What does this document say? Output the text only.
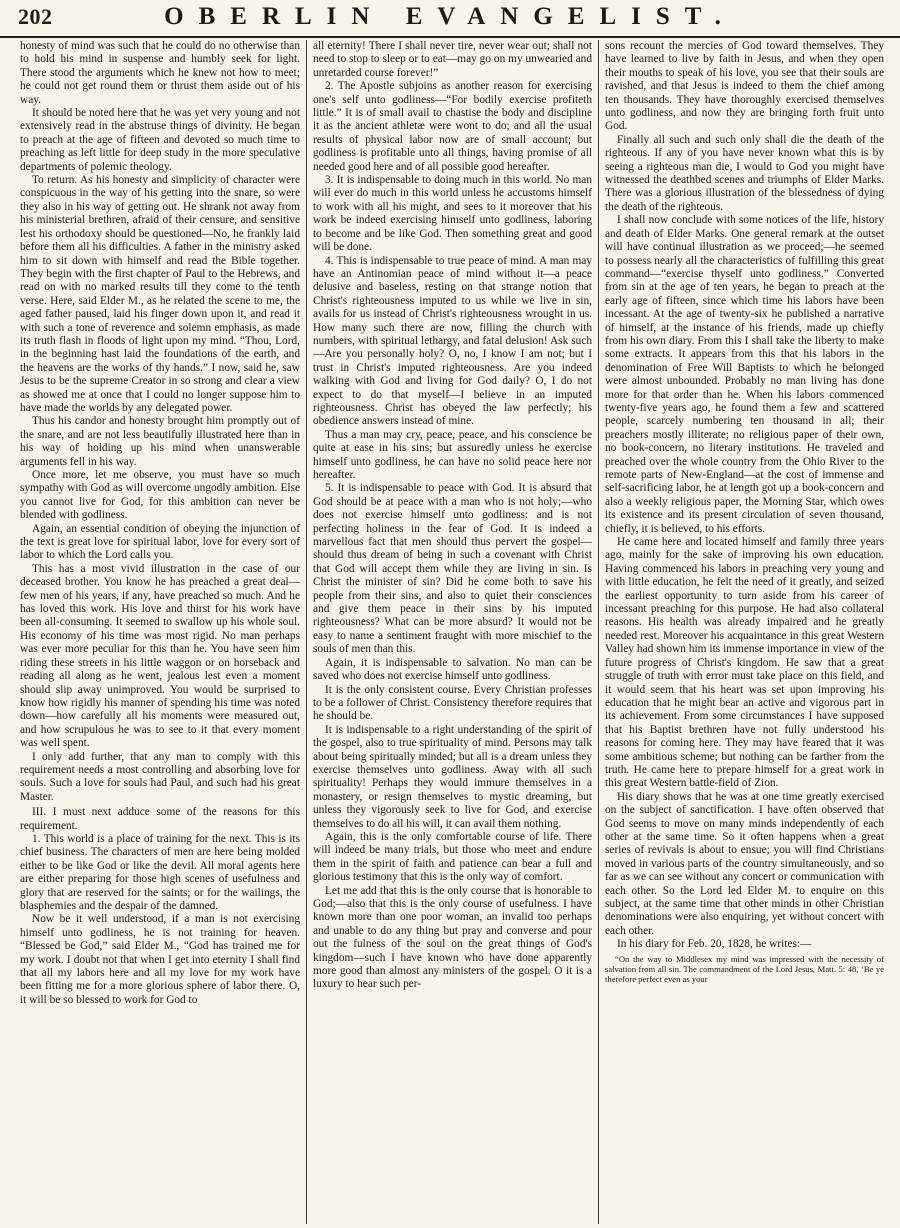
202	OBERLIN EVANGELIST.

honesty of mind was such that he could do no otherwise than to hold his mind in suspense and humbly seek for light. There stood the arguments which he knew not how to meet; he could not get round them or thrust them aside out of his way.

It should be noted here that he was yet very young and not extensively read in the abstruse things of divinity. He began to preach at the age of fifteen and devoted so much time to preaching as left little for deep study in the more speculative departments of polemic theology.

To return. As his honesty and simplicity of character were conspicuous in the way of his getting into the snare, so were they also in his way of getting out. He shrank not away from his ministerial brethren, afraid of their censure, and sensitive lest his orthodoxy should be questioned—No, he frankly laid before them all his difficulties. A father in the ministry asked him to sit down with himself and read the Bible together. They begin with the first chapter of Paul to the Hebrews, and read on with no marked results till they come to the tenth verse. Here, said Elder M., as he related the scene to me, the aged father paused, laid his finger down upon it, and read it with such a tone of reverence and solemn emphasis, as made its truth flash in floods of light upon my mind. “Thou, Lord, in the beginning hast laid the foundations of the earth, and the heavens are the works of thy hands.” I now, said he, saw Jesus to be the supreme Creator in so strong and clear a view as showed me at once that I could no longer suppose him to have made the worlds by any delegated power.

Thus his candor and honesty brought him promptly out of the snare, and are not less beautifully illustrated here than in his way of holding up his mind when unanswerable arguments fell in his way.

Once more, let me observe, you must have so much sympathy with God as will overcome ungodly ambition. Else you cannot live for God, for this ambition can never be blended with godliness.

Again, an essential condition of obeying the injunction of the text is great love for spiritual labor, love for every sort of labor to which the Lord calls you.

This has a most vivid illustration in the case of our deceased brother. You know he has preached a great deal—few men of his years, if any, have preached so much. And he has loved this work. His love and thirst for his work have been all-consuming. It seemed to swallow up his whole soul. His economy of his time was most rigid. No man perhaps was ever more peculiar for this than he. You have seen him riding these streets in his little waggon or on horseback and reading all along as he went, jealous lest even a moment should slip away unimproved. You would be surprised to know how rigidly his manner of spending his time was noted down—how carefully all his moments were measured out, and how scrupulous he was to see to it that every moment was well spent.

I only add further, that any man to comply with this requirement needs a most controlling and absorbing love for souls. Such a love for souls had Paul, and such had his great Master.

III. I must next adduce some of the reasons for this requirement.

1. This world is a place of training for the next. This is its chief business. The characters of men are here being molded either to be like God or like the devil. All moral agents here are either preparing for those high scenes of usefulness and glory that are reserved for the saints; or for the wailings, the blasphemies and the despair of the damned.

Now be it well understood, if a man is not exercising himself unto godliness, he is not training for heaven. “Blessed be God,” said Elder M., “God has trained me for my work. I doubt not that when I get into eternity I shall find that all my labors here and all my love for my work have been fitting me for a more glorious sphere of labor there. O, it will be so blessed to work for God to

all eternity! There I shall never tire, never wear out; shall not need to stop to sleep or to eat—may go on my unwearied and unretarded course forever!”

2. The Apostle subjoins as another reason for exercising one's self unto godliness—“For bodily exercise profiteth little.” It is of small avail to chastise the body and discipline it as the ancient athletæ were wont to do; and all the usual results of physical labor now are of small account; but godliness is profitable unto all things, having promise of all needed good here and of all possible good hereafter.

3. It is indispensable to doing much in this world. No man will ever do much in this world unless he accustoms himself to work with all his might, and sees to it moreover that his work be indeed exercising himself unto godliness, laboring to become and be like God. Then something great and good will be done.

4. This is indispensable to true peace of mind. A man may have an Antinomian peace of mind without it—a peace delusive and baseless, resting on that strange notion that Christ's righteousness imputed to us while we live in sin, avails for us instead of Christ's righteousness wrought in us. How many such there are now, filling the church with numbers, with spiritual lethargy, and fatal delusion! Ask such—Are you personally holy? O, no, I know I am not; but I trust in Christ's imputed righteousness. Are you indeed walking with God and living for God daily? O, I do not expect to do that myself—I believe in an imputed righteousness. Christ has obeyed the law perfectly; his obedience answers instead of mine.

Thus a man may cry, peace, peace, and his conscience be quite at ease in his sins; but assuredly unless he exercise himself unto godliness, he can have no solid peace here nor hereafter.

5. It is indispensable to peace with God. It is absurd that God should be at peace with a man who is not holy;—who does not exercise himself unto godliness: and is not perfecting holiness in the fear of God. It is indeed a marvellous fact that men should thus pervert the gospel—should thus dream of being in such a covenant with Christ that God will accept them while they are living in sin. Is Christ the minister of sin? Did he come both to save his people from their sins, and also to quiet their consciences and give them peace in their sins by his imputed righteousness? What can be more absurd? It would not be easy to name a sentiment fraught with more mischief to the souls of men than this.

Again, it is indispensable to salvation. No man can be saved who does not exercise himself unto godliness.

It is the only consistent course. Every Christian professes to be a follower of Christ. Consistency therefore requires that he should be.

It is indispensable to a right understanding of the spirit of the gospel, also to true spirituality of mind. Persons may talk about being spiritually minded; but all is a dream unless they exercise themselves unto godliness. Away with all such spirituality! Perhaps they would immure themselves in a monastery, or resign themselves to mystic dreaming, but unless they vigorously seek to live for God, and exercise themselves to do all his will, it can avail them nothing.

Again, this is the only comfortable course of life. There will indeed be many trials, but those who meet and endure them in the spirit of faith and patience can bear a full and glorious testimony that this is the only way of comfort.

Let me add that this is the only course that is honorable to God;—also that this is the only course of usefulness. I have known more than one poor woman, an invalid too perhaps and unable to do any thing but pray and converse and pour out the fulness of the soul on the great things of God's kingdom—such I have known who have done apparently more good than almost any ministers of the gospel. O it is a luxury to hear such per-

sons recount the mercies of God toward themselves. They have learned to live by faith in Jesus, and when they open their mouths to speak of his love, you see that their souls are ravished, and that Jesus is indeed to them the chief among ten thousands. They have thoroughly exercised themselves unto godliness, and now they are bringing forth fruit unto God.

Finally all such and such only shall die the death of the righteous. If any of you have never known what this is by seeing a righteous man die, I would to God you might have witnessed the deathbed scenes and triumphs of Elder Marks. There was a glorious illustration of the blessedness of dying the death of the righteous.

I shall now conclude with some notices of the life, history and death of Elder Marks. One general remark at the outset will have continual illustration as we proceed;—he seemed to possess nearly all the characteristics of fulfilling this great command—“exercise thyself unto godliness.” Converted from sin at the age of ten years, he began to preach at the early age of fifteen, since which time his labors have been incessant. At the age of twenty-six he published a narrative of himself, at the instance of his friends, made up chiefly from his own diary. From this I shall take the liberty to make some extracts. It appears from this that his labors in the denomination of Free Will Baptists to which he belonged were almost unbounded. Probably no man living has done more for that order than he. When his labors commenced twenty-five years ago, he found them a few and scattered people, scarcely numbering ten thousand in all; their preachers mostly illiterate; no religious paper of their own, no book-concern, no literary institutions. He traveled and preached over the whole country from the Ohio River to the remote parts of New-England—at the cost of immense and self-sacrificing labor, he at length got up a book-concern and also a weekly religious paper, the Morning Star, which owes its existence and its present circulation of seven thousand, chiefly, it is believed, to his efforts.

He came here and located himself and family three years ago, mainly for the sake of improving his own education. Having commenced his labors in preaching very young and with little education, he felt the need of it greatly, and seized the earliest opportunity to turn aside from his career of incessant preaching for this purpose. He had also collateral reasons. His health was already impaired and he greatly needed rest. Moreover his acquaintance in this great Western Valley had shown him its immense importance in view of the future progress of Christ's kingdom. He saw that a great struggle of truth with error must take place on this field, and it would seem that his heart was set upon improving his education that he might bear an active and vigorous part in its achievement. From some circumstances I have supposed that his Baptist brethren have not fully understood his reasons for coming here. They may have feared that it was some ambitious scheme; but nothing can be farther from the truth. He came here to prepare himself for a great work in this great Western battle-field of Zion.

His diary shows that he was at one time greatly exercised on the subject of sanctification. I have often observed that God seems to move on many minds independently of each other at the same time. So it often happens when a great series of revivals is about to ensue; you will find Christians moved in various parts of the country simultaneously, and so far as we can see without any concert or communication with each other. So the Lord led Elder M. to enquire on this subject, at the same time that other minds in other Christian denominations were also enquiring, yet without concert with each other.

In his diary for Feb. 20, 1828, he writes:—

“On the way to Middlesex my mind was impressed with the necessity of salvation from all sin. The commandment of the Lord Jesus, Matt. 5: 48, ‘Be ye therefore perfect even as your
